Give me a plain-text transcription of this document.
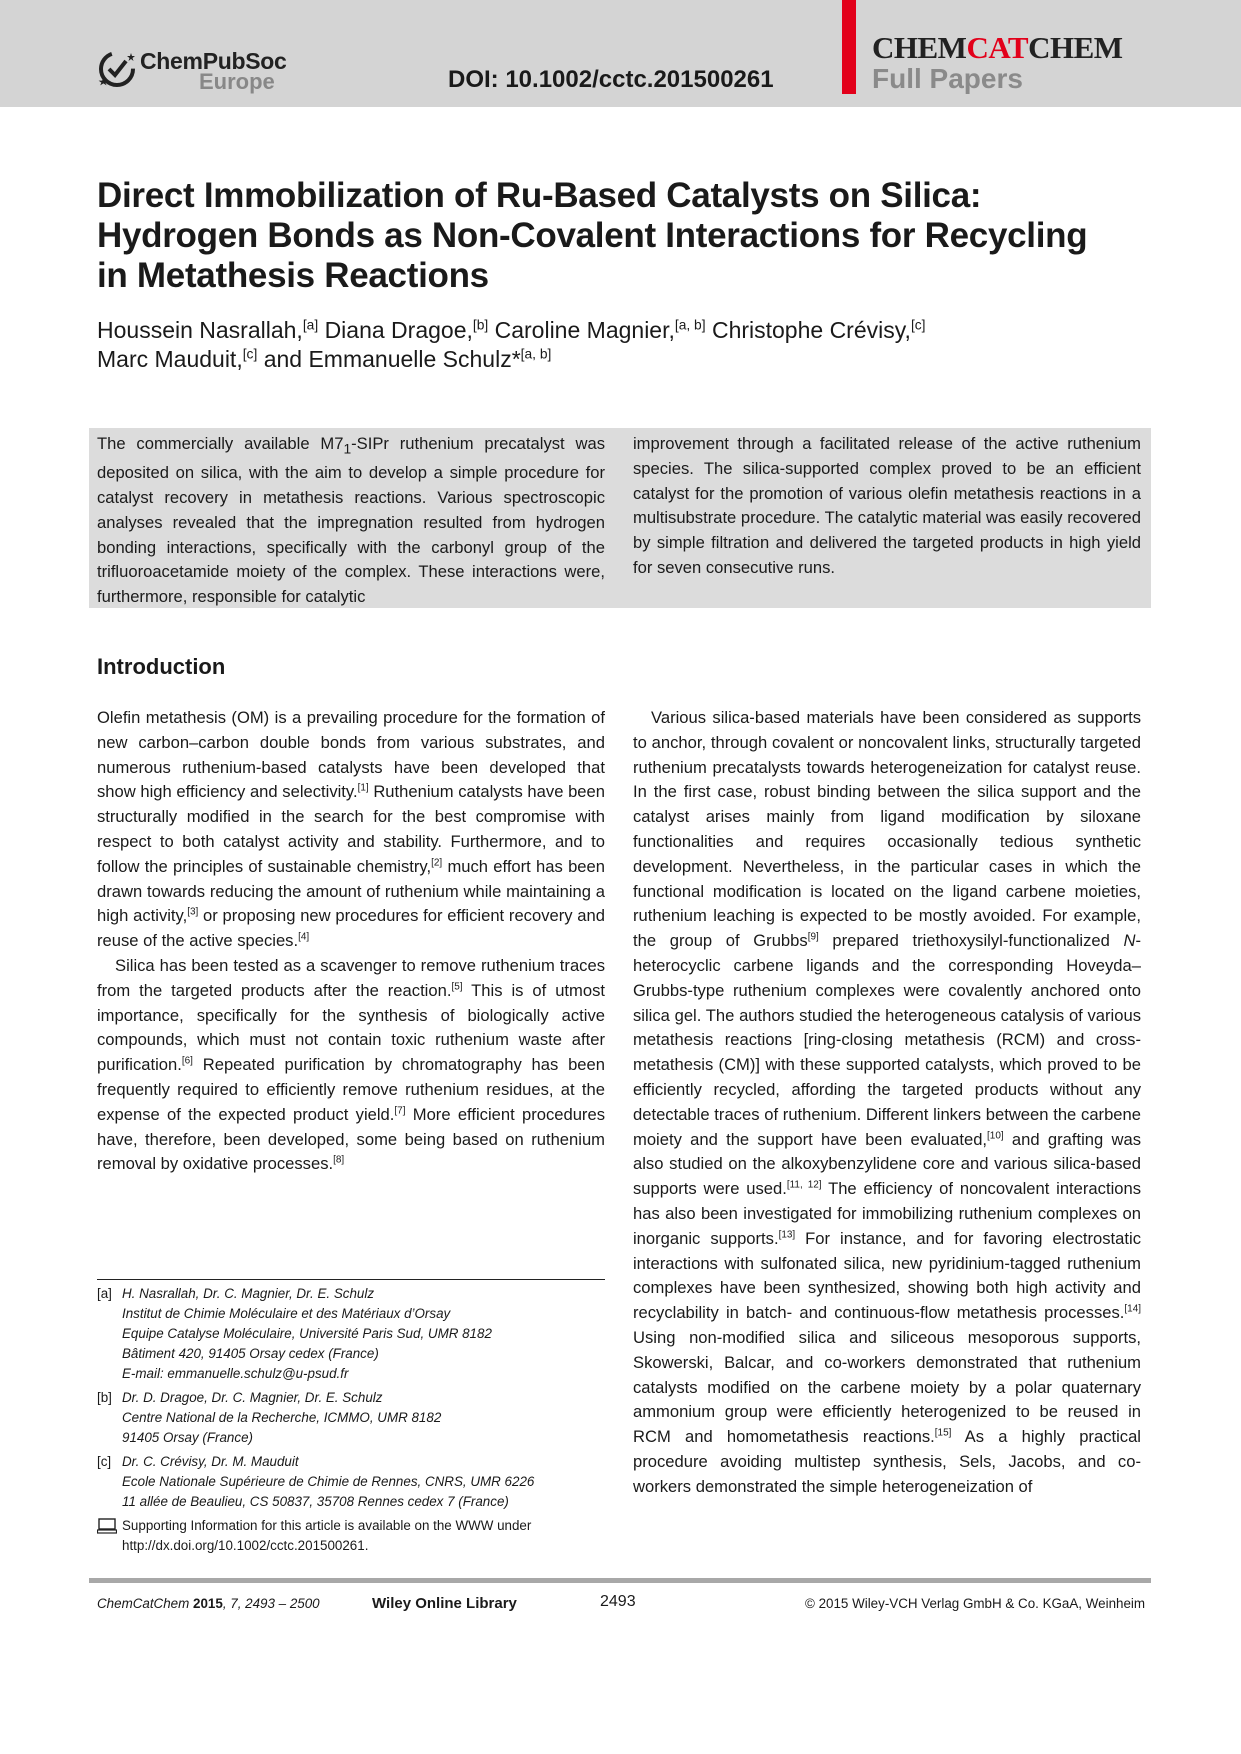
ChemPubSoc
Europe	DOI: 10.1002/cctc.201500261
CHEMCATCHEM
Full Papers
Direct Immobilization of Ru-Based Catalysts on Silica: Hydrogen Bonds as Non-Covalent Interactions for Recycling in Metathesis Reactions
Houssein Nasrallah,[a] Diana Dragoe,[b] Caroline Magnier,[a, b] Christophe Crévisy,[c]
Marc Mauduit,[c] and Emmanuelle Schulz*[a, b]
The commercially available $M7_1$-SIPr ruthenium precatalyst was deposited on silica, with the aim to develop a simple procedure for catalyst recovery in metathesis reactions. Various spectroscopic analyses revealed that the impregnation resulted from hydrogen bonding interactions, specifically with the carbonyl group of the trifluoroacetamide moiety of the complex. These interactions were, furthermore, responsible for catalytic
improvement through a facilitated release of the active ruthenium species. The silica-supported complex proved to be an efficient catalyst for the promotion of various olefin metathesis reactions in a multisubstrate procedure. The catalytic material was easily recovered by simple filtration and delivered the targeted products in high yield for seven consecutive runs.
Introduction

Olefin metathesis (OM) is a prevailing procedure for the formation of new carbon–carbon double bonds from various substrates, and numerous ruthenium-based catalysts have been developed that show high efficiency and selectivity.[1] Ruthenium catalysts have been structurally modified in the search for the best compromise with respect to both catalyst activity and stability. Furthermore, and to follow the principles of sustainable chemistry,[2] much effort has been drawn towards reducing the amount of ruthenium while maintaining a high activity,[3] or proposing new procedures for efficient recovery and reuse of the active species.[4]

Silica has been tested as a scavenger to remove ruthenium traces from the targeted products after the reaction.[5] This is of utmost importance, specifically for the synthesis of biologically active compounds, which must not contain toxic ruthenium waste after purification.[6] Repeated purification by chromatography has been frequently required to efficiently remove ruthenium residues, at the expense of the expected product yield.[7] More efficient procedures have, therefore, been developed, some being based on ruthenium removal by oxidative processes.[8]

Various silica-based materials have been considered as supports to anchor, through covalent or noncovalent links, structurally targeted ruthenium precatalysts towards heterogeneization for catalyst reuse. In the first case, robust binding between the silica support and the catalyst arises mainly from ligand modification by siloxane functionalities and requires occasionally tedious synthetic development. Nevertheless, in the particular cases in which the functional modification is located on the ligand carbene moieties, ruthenium leaching is expected to be mostly avoided. For example, the group of Grubbs[9] prepared triethoxysilyl-functionalized N-heterocyclic carbene ligands and the corresponding Hoveyda–Grubbs-type ruthenium complexes were covalently anchored onto silica gel. The authors studied the heterogeneous catalysis of various metathesis reactions [ring-closing metathesis (RCM) and cross-metathesis (CM)] with these supported catalysts, which proved to be efficiently recycled, affording the targeted products without any detectable traces of ruthenium. Different linkers between the carbene moiety and the support have been evaluated,[10] and grafting was also studied on the alkoxybenzylidene core and various silica-based supports were used.[11, 12] The efficiency of noncovalent interactions has also been investigated for immobilizing ruthenium complexes on inorganic supports.[13] For instance, and for favoring electrostatic interactions with sulfonated silica, new pyridinium-tagged ruthenium complexes have been synthesized, showing both high activity and recyclability in batch- and continuous-flow metathesis processes.[14] Using non-modified silica and siliceous mesoporous supports, Skowerski, Balcar, and co-workers demonstrated that ruthenium catalysts modified on the carbene moiety by a polar quaternary ammonium group were efficiently heterogenized to be reused in RCM and homometathesis reactions.[15] As a highly practical procedure avoiding multistep synthesis, Sels, Jacobs, and co-workers demonstrated the simple heterogeneization of

[a] H. Nasrallah, Dr. C. Magnier, Dr. E. Schulz
Institut de Chimie Moléculaire et des Matériaux d’Orsay
Equipe Catalyse Moléculaire, Université Paris Sud, UMR 8182
Bâtiment 420, 91405 Orsay cedex (France)
E-mail: emmanuelle.schulz@u-psud.fr
[b] Dr. D. Dragoe, Dr. C. Magnier, Dr. E. Schulz
Centre National de la Recherche, ICMMO, UMR 8182
91405 Orsay (France)
[c] Dr. C. Crévisy, Dr. M. Mauduit
Ecole Nationale Supérieure de Chimie de Rennes, CNRS, UMR 6226
11 allée de Beaulieu, CS 50837, 35708 Rennes cedex 7 (France)
Supporting Information for this article is available on the WWW under
http://dx.doi.org/10.1002/cctc.201500261.
ChemCatChem 2015, 7, 2493 – 2500	Wiley Online Library	2493	© 2015 Wiley-VCH Verlag GmbH & Co. KGaA, Weinheim
